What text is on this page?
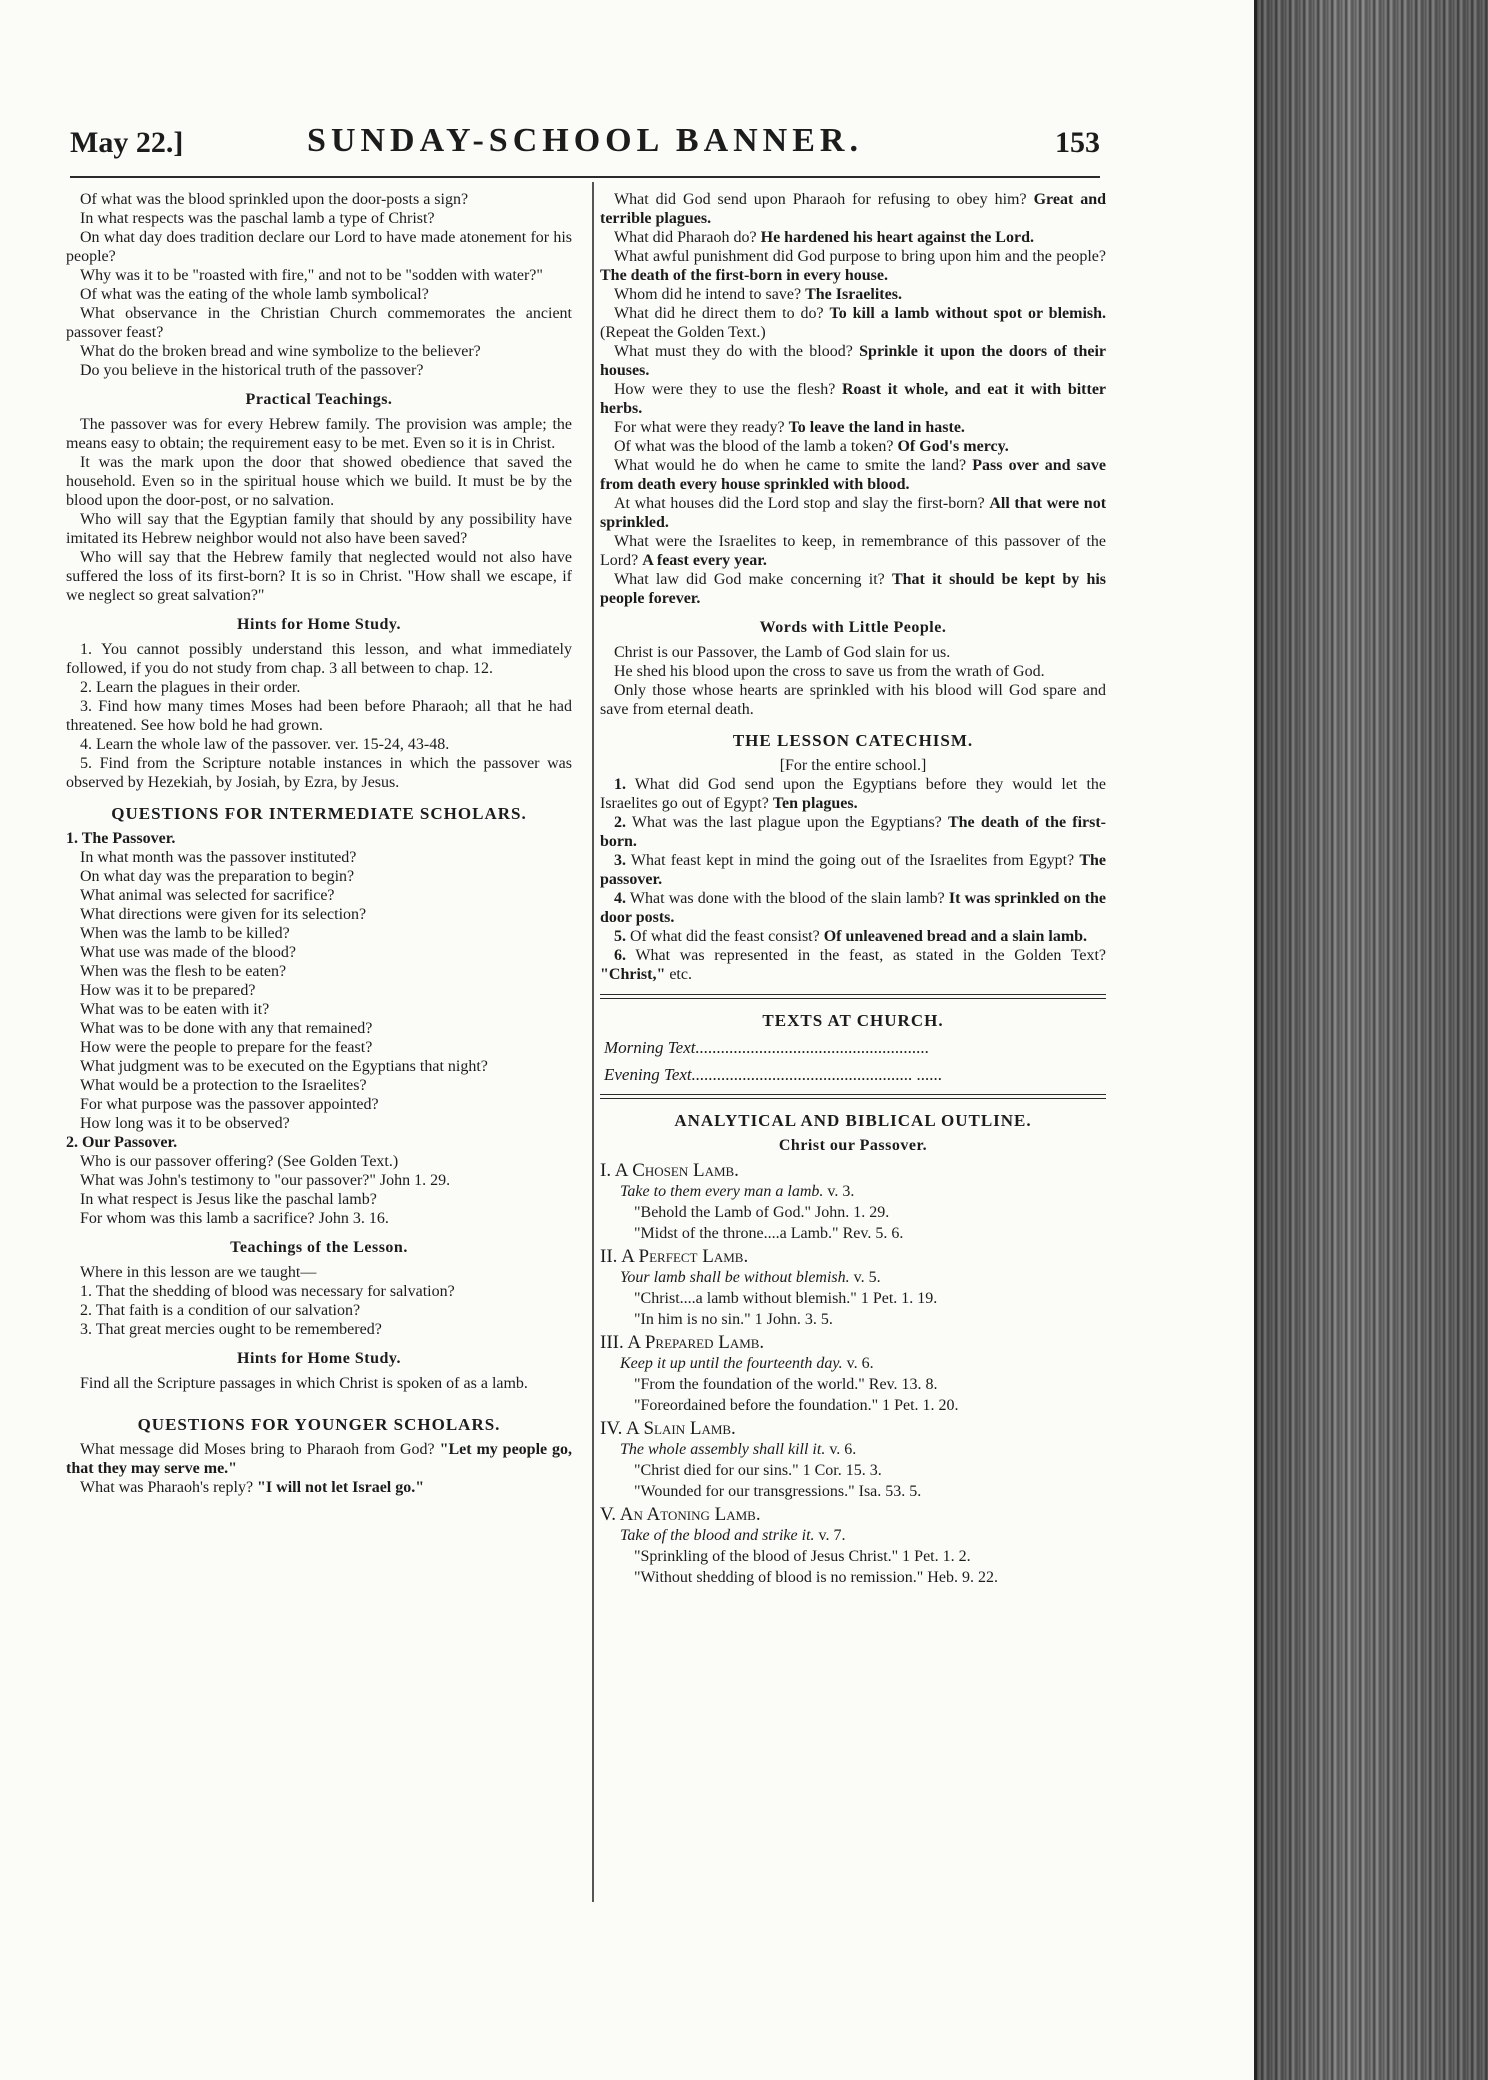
May 22.]	SUNDAY-SCHOOL BANNER.	153

Of what was the blood sprinkled upon the door-posts a sign?

In what respects was the paschal lamb a type of Christ?

On what day does tradition declare our Lord to have made atonement for his people?

Why was it to be "roasted with fire," and not to be "sodden with water?"

Of what was the eating of the whole lamb symbolical?

What observance in the Christian Church commemorates the ancient passover feast?

What do the broken bread and wine symbolize to the believer?

Do you believe in the historical truth of the passover?

Practical Teachings.

The passover was for every Hebrew family. The provision was ample; the means easy to obtain; the requirement easy to be met. Even so it is in Christ.

It was the mark upon the door that showed obedience that saved the household. Even so in the spiritual house which we build. It must be by the blood upon the door-post, or no salvation.

Who will say that the Egyptian family that should by any possibility have imitated its Hebrew neighbor would not also have been saved?

Who will say that the Hebrew family that neglected would not also have suffered the loss of its first-born? It is so in Christ. "How shall we escape, if we neglect so great salvation?"

Hints for Home Study.

1. You cannot possibly understand this lesson, and what immediately followed, if you do not study from chap. 3 all between to chap. 12.

2. Learn the plagues in their order.

3. Find how many times Moses had been before Pharaoh; all that he had threatened. See how bold he had grown.

4. Learn the whole law of the passover. ver. 15-24, 43-48.

5. Find from the Scripture notable instances in which the passover was observed by Hezekiah, by Josiah, by Ezra, by Jesus.

QUESTIONS FOR INTERMEDIATE SCHOLARS.

1. The Passover.

In what month was the passover instituted?

On what day was the preparation to begin?

What animal was selected for sacrifice?

What directions were given for its selection?

When was the lamb to be killed?

What use was made of the blood?

When was the flesh to be eaten?

How was it to be prepared?

What was to be eaten with it?

What was to be done with any that remained?

How were the people to prepare for the feast?

What judgment was to be executed on the Egyptians that night?

What would be a protection to the Israelites?

For what purpose was the passover appointed?

How long was it to be observed?

2. Our Passover.

Who is our passover offering? (See Golden Text.)

What was John's testimony to "our passover?" John 1. 29.

In what respect is Jesus like the paschal lamb?

For whom was this lamb a sacrifice? John 3. 16.

Teachings of the Lesson.

Where in this lesson are we taught—

1. That the shedding of blood was necessary for salvation?

2. That faith is a condition of our salvation?

3. That great mercies ought to be remembered?

Hints for Home Study.

Find all the Scripture passages in which Christ is spoken of as a lamb.

QUESTIONS FOR YOUNGER SCHOLARS.

What message did Moses bring to Pharaoh from God? "Let my people go, that they may serve me."

What was Pharaoh's reply? "I will not let Israel go."

What did God send upon Pharaoh for refusing to obey him? Great and terrible plagues.

What did Pharaoh do? He hardened his heart against the Lord.

What awful punishment did God purpose to bring upon him and the people? The death of the first-born in every house.

Whom did he intend to save? The Israelites.

What did he direct them to do? To kill a lamb without spot or blemish. (Repeat the Golden Text.)

What must they do with the blood? Sprinkle it upon the doors of their houses.

How were they to use the flesh? Roast it whole, and eat it with bitter herbs.

For what were they ready? To leave the land in haste.

Of what was the blood of the lamb a token? Of God's mercy.

What would he do when he came to smite the land? Pass over and save from death every house sprinkled with blood.

At what houses did the Lord stop and slay the first-born? All that were not sprinkled.

What were the Israelites to keep, in remembrance of this passover of the Lord? A feast every year.

What law did God make concerning it? That it should be kept by his people forever.

Words with Little People.

Christ is our Passover, the Lamb of God slain for us.

He shed his blood upon the cross to save us from the wrath of God.

Only those whose hearts are sprinkled with his blood will God spare and save from eternal death.

THE LESSON CATECHISM.
[For the entire school.]

1. What did God send upon the Egyptians before they would let the Israelites go out of Egypt? Ten plagues.

2. What was the last plague upon the Egyptians? The death of the first-born.

3. What feast kept in mind the going out of the Israelites from Egypt? The passover.

4. What was done with the blood of the slain lamb? It was sprinkled on the door posts.

5. Of what did the feast consist? Of unleavened bread and a slain lamb.

6. What was represented in the feast, as stated in the Golden Text? "Christ," etc.

TEXTS AT CHURCH.
Morning Text.......................................................
Evening Text.................................................... ......
ANALYTICAL AND BIBLICAL OUTLINE.
Christ our Passover.
I. A Chosen Lamb.
Take to them every man a lamb. v. 3.
"Behold the Lamb of God." John. 1. 29.
"Midst of the throne....a Lamb." Rev. 5. 6.
II. A Perfect Lamb.
Your lamb shall be without blemish. v. 5.
"Christ....a lamb without blemish." 1 Pet. 1. 19.
"In him is no sin." 1 John. 3. 5.
III. A Prepared Lamb.
Keep it up until the fourteenth day. v. 6.
"From the foundation of the world." Rev. 13. 8.
"Foreordained before the foundation." 1 Pet. 1. 20.
IV. A Slain Lamb.
The whole assembly shall kill it. v. 6.
"Christ died for our sins." 1 Cor. 15. 3.
"Wounded for our transgressions." Isa. 53. 5.
V. An Atoning Lamb.
Take of the blood and strike it. v. 7.
"Sprinkling of the blood of Jesus Christ." 1 Pet. 1. 2.
"Without shedding of blood is no remission." Heb. 9. 22.
